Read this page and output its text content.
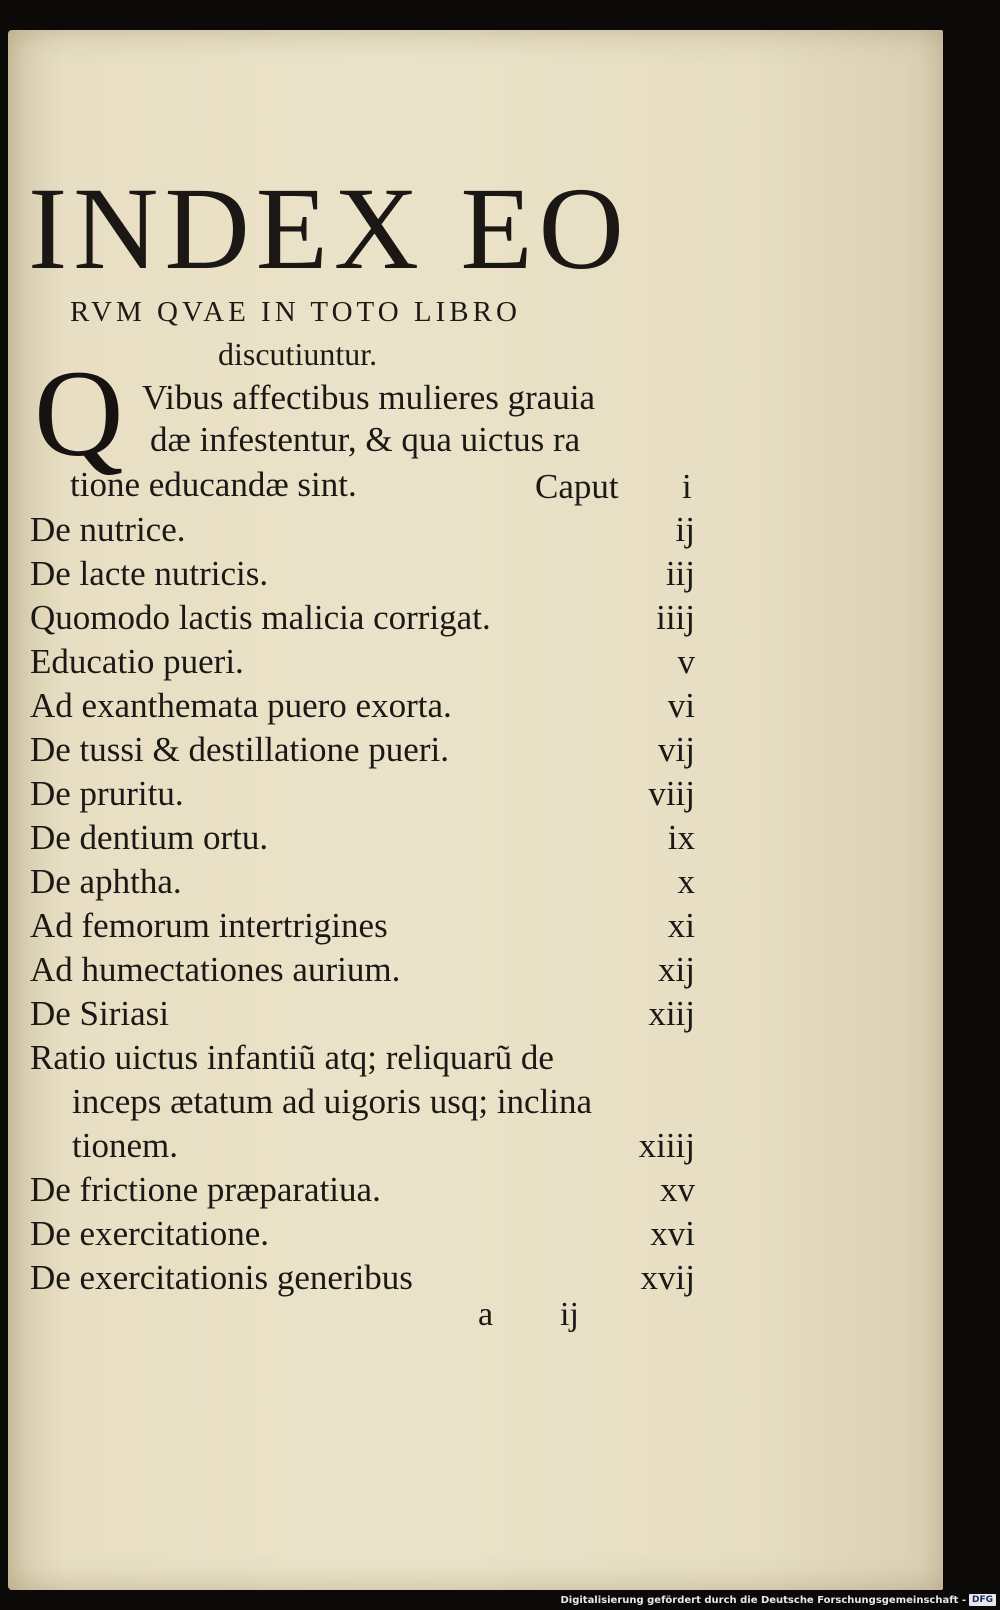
INDEX EO
RVM QVAE IN TOTO LIBRO
discutiuntur.
Q Vibus affectibus mulieres grauia
dæ infestentur, & qua uictus ra
tione educandæ sint.	Caput i
De nutrice.	ij
De lacte nutricis.	iij
Quomodo lactis malicia corrigat.	iiij
Educatio pueri.	v
Ad exanthemata puero exorta.	vi
De tussi & destillatione pueri.	vij
De pruritu.	viij
De dentium ortu.	ix
De aphtha.	x
Ad femorum intertrigines	xi
Ad humectationes aurium.	xij
De Siriasi	xiij
Ratio uictus infantiũ atq; reliquarũ de
inceps ætatum ad uigoris usq; inclina
tionem.	xiiij
De frictione præparatiua.	xv
De exercitatione.	xvi
De exercitationis generibus	xvij
a ij
Digitalisierung gefördert durch die Deutsche Forschungsgemeinschaft - DFG
